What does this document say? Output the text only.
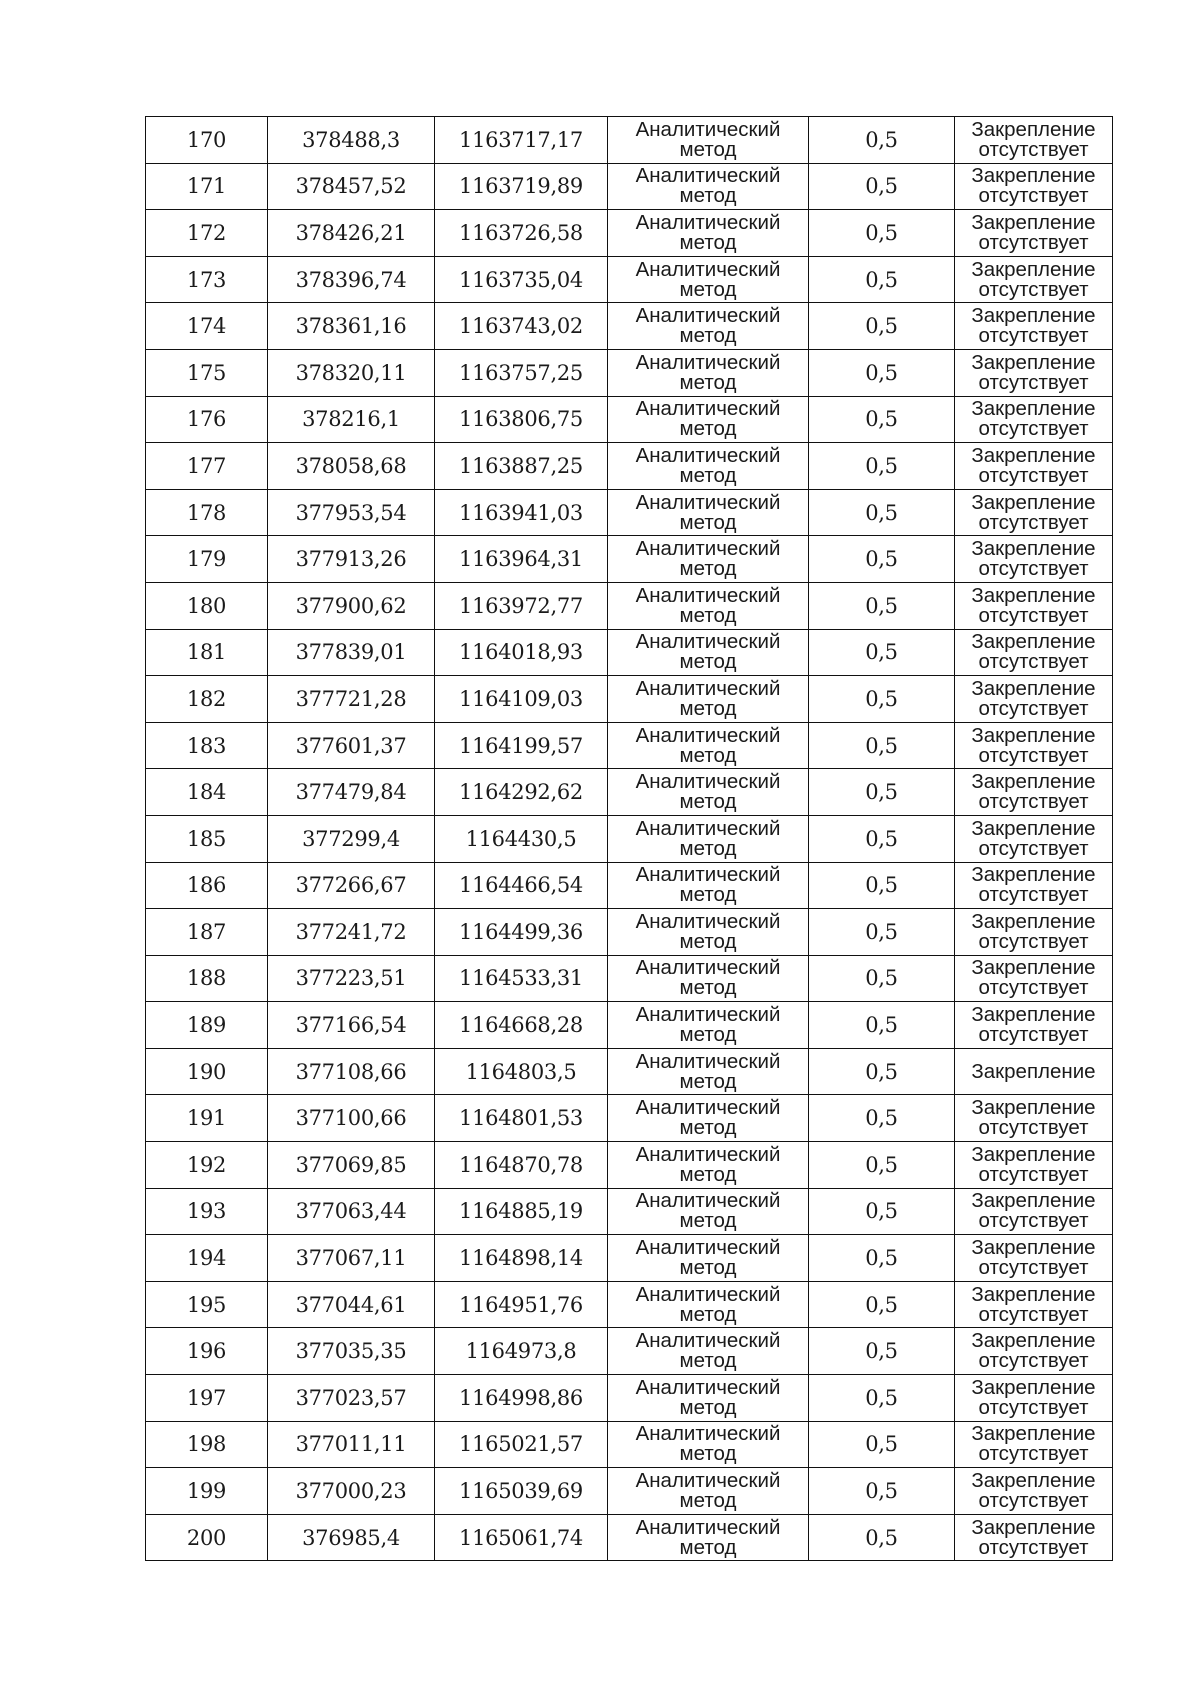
170	378488,3	1163717,17	Аналитический
метод	0,5	Закрепление
отсутствует

171	378457,52	1163719,89	Аналитический
метод	0,5	Закрепление
отсутствует

172	378426,21	1163726,58	Аналитический
метод	0,5	Закрепление
отсутствует

173	378396,74	1163735,04	Аналитический
метод	0,5	Закрепление
отсутствует

174	378361,16	1163743,02	Аналитический
метод	0,5	Закрепление
отсутствует

175	378320,11	1163757,25	Аналитический
метод	0,5	Закрепление
отсутствует

176	378216,1	1163806,75	Аналитический
метод	0,5	Закрепление
отсутствует

177	378058,68	1163887,25	Аналитический
метод	0,5	Закрепление
отсутствует

178	377953,54	1163941,03	Аналитический
метод	0,5	Закрепление
отсутствует

179	377913,26	1163964,31	Аналитический
метод	0,5	Закрепление
отсутствует

180	377900,62	1163972,77	Аналитический
метод	0,5	Закрепление
отсутствует

181	377839,01	1164018,93	Аналитический
метод	0,5	Закрепление
отсутствует

182	377721,28	1164109,03	Аналитический
метод	0,5	Закрепление
отсутствует

183	377601,37	1164199,57	Аналитический
метод	0,5	Закрепление
отсутствует

184	377479,84	1164292,62	Аналитический
метод	0,5	Закрепление
отсутствует

185	377299,4	1164430,5	Аналитический
метод	0,5	Закрепление
отсутствует

186	377266,67	1164466,54	Аналитический
метод	0,5	Закрепление
отсутствует

187	377241,72	1164499,36	Аналитический
метод	0,5	Закрепление
отсутствует

188	377223,51	1164533,31	Аналитический
метод	0,5	Закрепление
отсутствует

189	377166,54	1164668,28	Аналитический
метод	0,5	Закрепление
отсутствует

190	377108,66	1164803,5	Аналитический
метод	0,5	Закрепление

191	377100,66	1164801,53	Аналитический
метод	0,5	Закрепление
отсутствует

192	377069,85	1164870,78	Аналитический
метод	0,5	Закрепление
отсутствует

193	377063,44	1164885,19	Аналитический
метод	0,5	Закрепление
отсутствует

194	377067,11	1164898,14	Аналитический
метод	0,5	Закрепление
отсутствует

195	377044,61	1164951,76	Аналитический
метод	0,5	Закрепление
отсутствует

196	377035,35	1164973,8	Аналитический
метод	0,5	Закрепление
отсутствует

197	377023,57	1164998,86	Аналитический
метод	0,5	Закрепление
отсутствует

198	377011,11	1165021,57	Аналитический
метод	0,5	Закрепление
отсутствует

199	377000,23	1165039,69	Аналитический
метод	0,5	Закрепление
отсутствует

200	376985,4	1165061,74	Аналитический
метод	0,5	Закрепление
отсутствует
